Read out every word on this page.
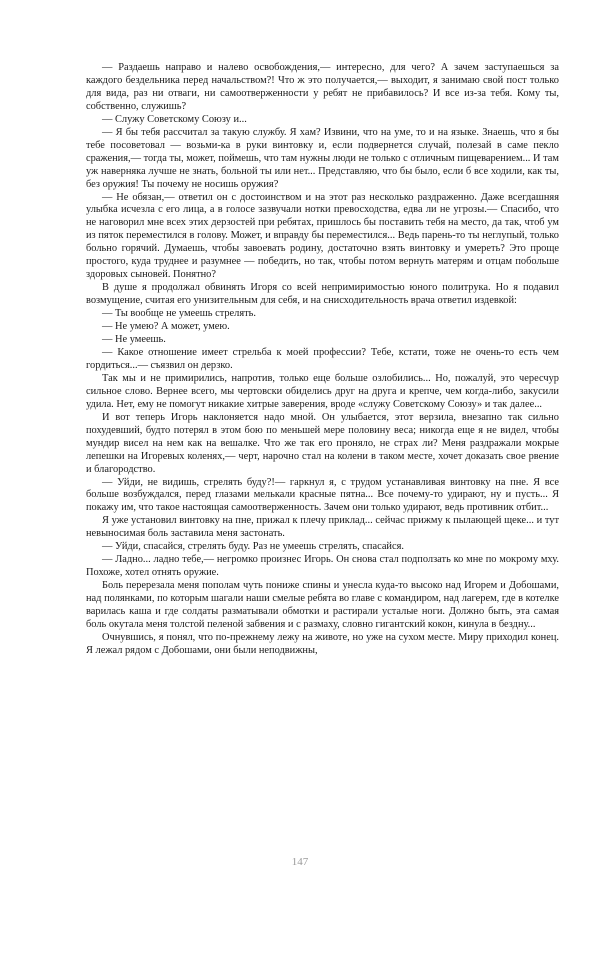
— Раздаешь направо и налево освобождения,— интересно, для чего? А зачем заступаешься за каждого бездельника перед начальством?! Что ж это получается,— выходит, я занимаю свой пост только для вида, раз ни отваги, ни самоотверженности у ребят не прибавилось? И все из-за тебя. Кому ты, собственно, служишь?

— Служу Советскому Союзу и...

— Я бы тебя рассчитал за такую службу. Я хам? Извини, что на уме, то и на языке. Знаешь, что я бы тебе посоветовал — возьми-ка в руки винтовку и, если подвернется случай, полезай в саме пекло сражения,— тогда ты, может, поймешь, что там нужны люди не только с отличным пищеварением... И там уж наверняка лучше не знать, больной ты или нет... Представляю, что бы было, если б все ходили, как ты, без оружия! Ты почему не носишь оружия?

— Не обязан,— ответил он с достоинством и на этот раз несколько раздраженно. Даже всегдашняя улыбка исчезла с его лица, а в голосе зазвучали нотки превосходства, едва ли не угрозы.— Спасибо, что не наговорил мне всех этих дерзостей при ребятах, пришлось бы поставить тебя на место, да так, чтоб ум из пяток переместился в голову. Может, и вправду бы переместился... Ведь парень-то ты неглупый, только больно горячий. Думаешь, чтобы завоевать родину, достаточно взять винтовку и умереть? Это проще простого, куда труднее и разумнее — победить, но так, чтобы потом вернуть матерям и отцам побольше здоровых сыновей. Понятно?

В душе я продолжал обвинять Игоря со всей непримиримостью юного политрука. Но я подавил возмущение, считая его унизительным для себя, и на снисходительность врача ответил издевкой:

— Ты вообще не умеешь стрелять.

— Не умею? А может, умею.

— Не умеешь.

— Какое отношение имеет стрельба к моей профессии? Тебе, кстати, тоже не очень-то есть чем гордиться...— съязвил он дерзко.

Так мы и не примирились, напротив, только еще больше озлобились... Но, пожалуй, это чересчур сильное слово. Вернее всего, мы чертовски обиделись друг на друга и крепче, чем когда-либо, закусили удила. Нет, ему не помогут никакие хитрые заверения, вроде «служу Советскому Союзу» и так далее...

И вот теперь Игорь наклоняется надо мной. Он улыбается, этот верзила, внезапно так сильно похудевший, будто потерял в этом бою по меньшей мере половину веса; никогда еще я не видел, чтобы мундир висел на нем как на вешалке. Что же так его проняло, не страх ли? Меня раздражали мокрые лепешки на Игоревых коленях,— черт, нарочно стал на колени в таком месте, хочет доказать свое рвение и благородство.

— Уйди, не видишь, стрелять буду?!— гаркнул я, с трудом устанавливая винтовку на пне. Я все больше возбуждался, перед глазами мелькали красные пятна... Все почему-то удирают, ну и пусть... Я покажу им, что такое настоящая самоотверженность. Зачем они только удирают, ведь противник отбит...

Я уже установил винтовку на пне, прижал к плечу приклад... сейчас прижму к пылающей щеке... и тут невыносимая боль заставила меня застонать.

— Уйди, спасайся, стрелять буду. Раз не умеешь стрелять, спасайся.

— Ладно... ладно тебе,— негромко произнес Игорь. Он снова стал подползать ко мне по мокрому мху. Похоже, хотел отнять оружие.

Боль перерезала меня пополам чуть пониже спины и унесла куда-то высоко над Игорем и Добошами, над полянками, по которым шагали наши смелые ребята во главе с командиром, над лагерем, где в котелке варилась каша и где солдаты разматывали обмотки и растирали усталые ноги. Должно быть, эта самая боль окутала меня толстой пеленой забвения и с размаху, словно гигантский кокон, кинула в бездну...

Очнувшись, я понял, что по-прежнему лежу на животе, но уже на сухом месте. Миру приходил конец. Я лежал рядом с Добошами, они были неподвижны,

147
